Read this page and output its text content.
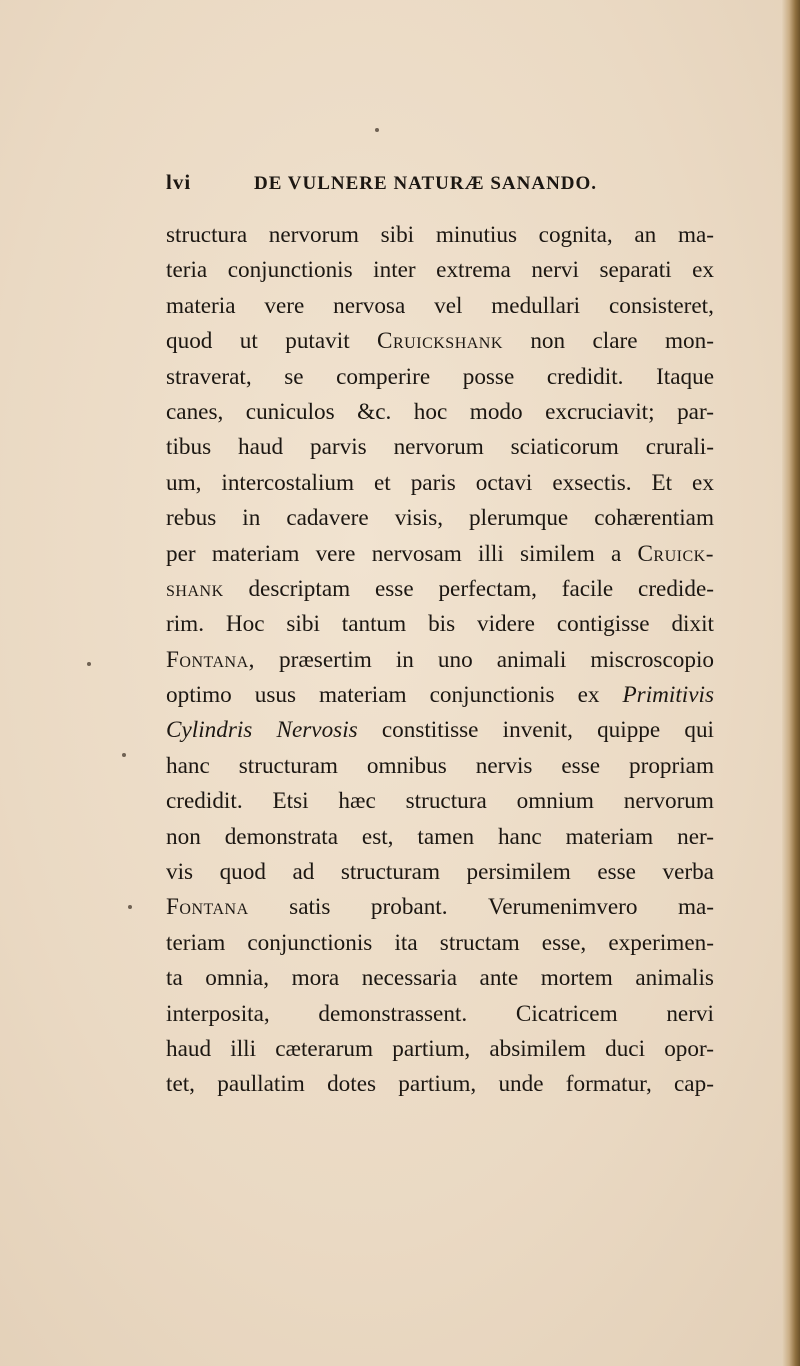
lvi	DE VULNERE NATURÆ SANANDO.
structura nervorum sibi minutius cognita, an ma-
teria conjunctionis inter extrema nervi separati ex
materia vere nervosa vel medullari consisteret,
quod ut putavit Cruickshank non clare mon-
straverat, se comperire posse credidit. Itaque
canes, cuniculos &c. hoc modo excruciavit; par-
tibus haud parvis nervorum sciaticorum crurali-
um, intercostalium et paris octavi exsectis. Et ex
rebus in cadavere visis, plerumque cohærentiam
per materiam vere nervosam illi similem a Cruick-
shank descriptam esse perfectam, facile credide-
rim. Hoc sibi tantum bis videre contigisse dixit
Fontana, præsertim in uno animali miscroscopio
optimo usus materiam conjunctionis ex Primitivis
Cylindris Nervosis constitisse invenit, quippe qui
hanc structuram omnibus nervis esse propriam
credidit. Etsi hæc structura omnium nervorum
non demonstrata est, tamen hanc materiam ner-
vis quod ad structuram persimilem esse verba
Fontana satis probant. Verumenimvero ma-
teriam conjunctionis ita structam esse, experimen-
ta omnia, mora necessaria ante mortem animalis
interposita, demonstrassent. Cicatricem nervi
haud illi cæterarum partium, absimilem duci opor-
tet, paullatim dotes partium, unde formatur, cap-
